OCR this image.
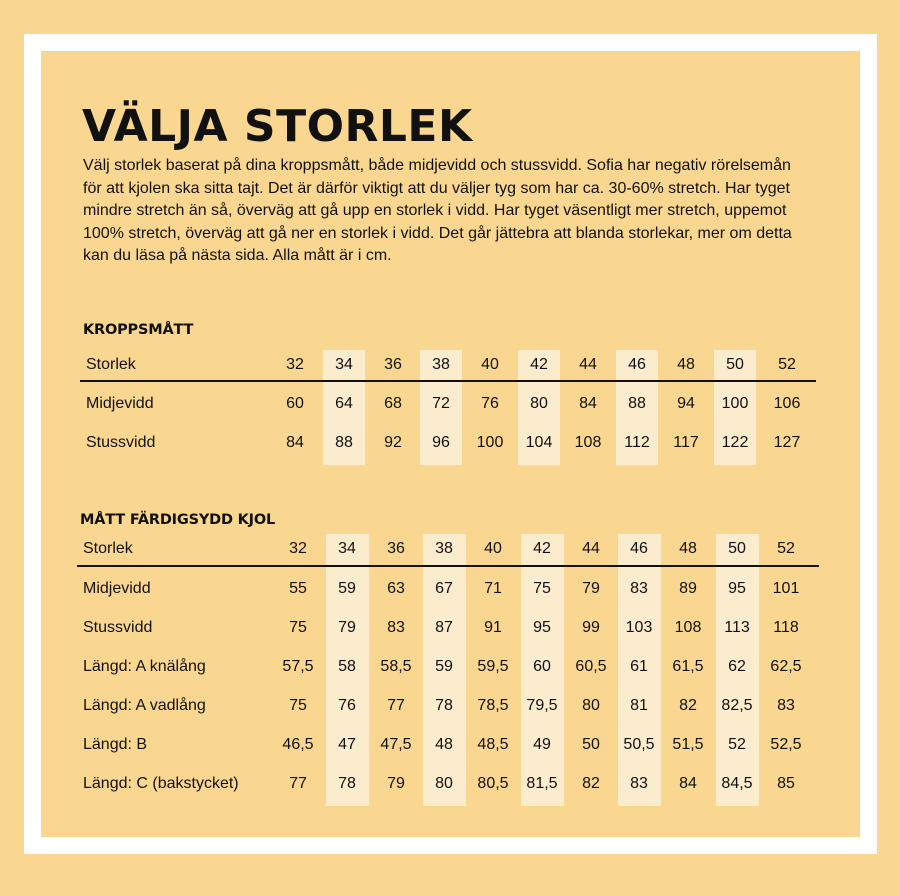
VÄLJA STORLEK

Välj storlek baserat på dina kroppsmått, både midjevidd och stussvidd. Sofia har negativ rörelsemån för att kjolen ska sitta tajt. Det är därför viktigt att du väljer tyg som har ca. 30-60% stretch. Har tyget mindre stretch än så, överväg att gå upp en storlek i vidd. Har tyget väsentligt mer stretch, uppemot 100% stretch, överväg att gå ner en storlek i vidd. Det går jättebra att blanda storlekar, mer om detta kan du läsa på nästa sida. Alla mått är i cm.

KROPPSMÅTT
Storlek	32 34 36 38 40 42 44 46 48 50 52
Midjevidd	60 64 68 72 76 80 84 88 94 100 106
Stussvidd	84 88 92 96 100 104 108 112 117 122 127
MÅTT FÄRDIGSYDD KJOL
Storlek	32 34 36 38 40 42 44 46 48 50 52
Midjevidd	55 59 63 67 71 75 79 83 89 95 101
Stussvidd	75 79 83 87 91 95 99 103 108 113 118
Längd: A knälång	57,5 58 58,5 59 59,5 60 60,5 61 61,5 62 62,5
Längd: A vadlång	75 76 77 78 78,5 79,5 80 81 82 82,5 83
Längd: B	46,5 47 47,5 48 48,5 49 50 50,5 51,5 52 52,5
Längd: C (bakstycket)	77 78 79 80 80,5 81,5 82 83 84 84,5 85
